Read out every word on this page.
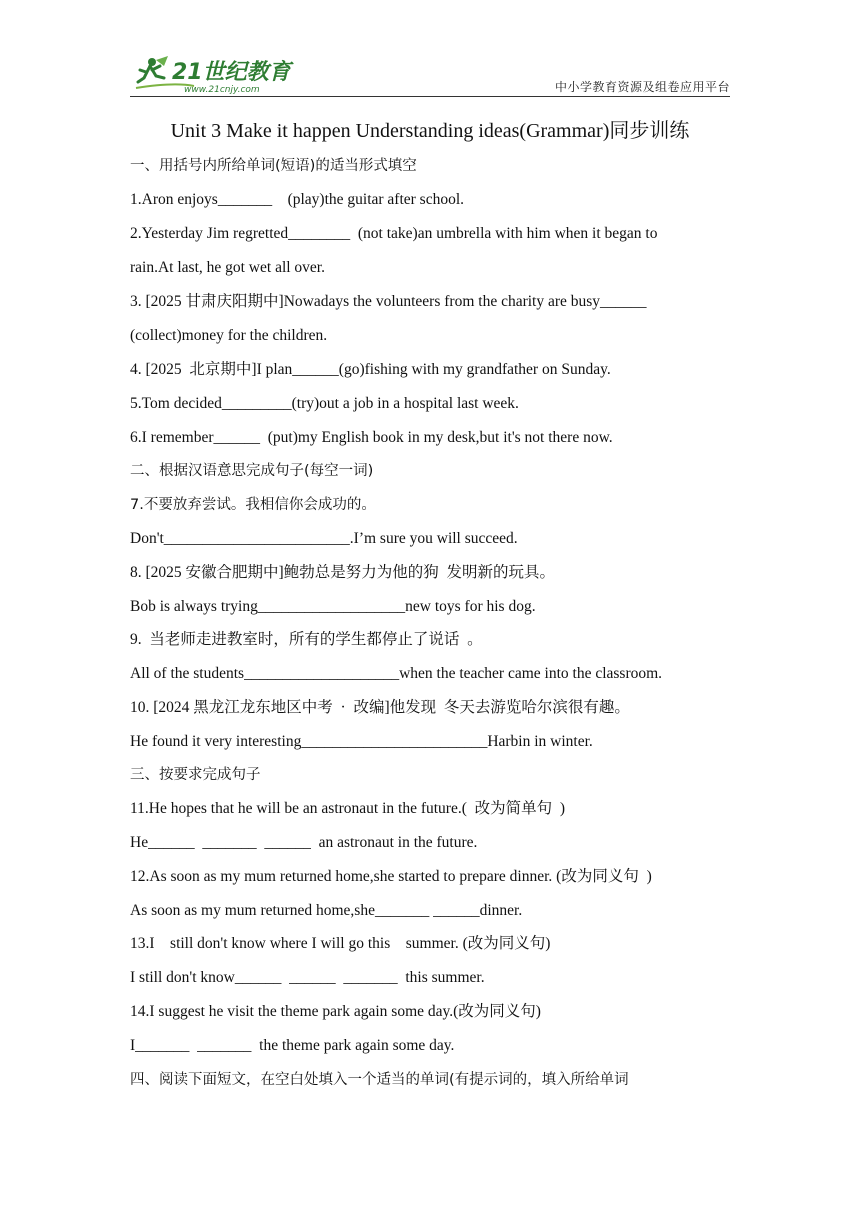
21世纪教育
www.21cnjy.com	中小学教育资源及组卷应用平台
Unit 3 Make it happen Understanding ideas(Grammar)同步训练
一、用括号内所给单词(短语)的适当形式填空
1.Aron enjoys_______    (play)the guitar after school.
2.Yesterday Jim regretted________  (not take)an umbrella with him when it began to
rain.At last, he got wet all over.
3. [2025 甘肃庆阳期中]Nowadays the volunteers from the charity are busy______
(collect)money for the children.
4. [2025  北京期中]I plan______(go)fishing with my grandfather on Sunday.
5.Tom decided_________(try)out a job in a hospital last week.
6.I remember______  (put)my English book in my desk,but it's not there now.
二、根据汉语意思完成句子(每空一词)
7.不要放弃尝试。我相信你会成功的。
Don't________________________.I’m sure you will succeed.
8. [2025 安徽合肥期中]鲍勃总是努力为他的狗  发明新的玩具。
Bob is always trying___________________new toys for his dog.
9.  当老师走进教室时，所有的学生都停止了说话  。
All of the students____________________when the teacher came into the classroom.
10. [2024 黑龙江龙东地区中考  ·  改编]他发现  冬天去游览哈尔滨很有趣。
He found it very interesting________________________Harbin in winter.
三、按要求完成句子
11.He hopes that he will be an astronaut in the future.(  改为简单句  )
He______  _______  ______  an astronaut in the future.
12.As soon as my mum returned home,she started to prepare dinner. (改为同义句  )
As soon as my mum returned home,she_______ ______dinner.
13.I    still don't know where I will go this    summer. (改为同义句)
I still don't know______  ______  _______  this summer.
14.I suggest he visit the theme park again some day.(改为同义句)
I_______  _______  the theme park again some day.
四、阅读下面短文，在空白处填入一个适当的单词(有提示词的，填入所给单词
